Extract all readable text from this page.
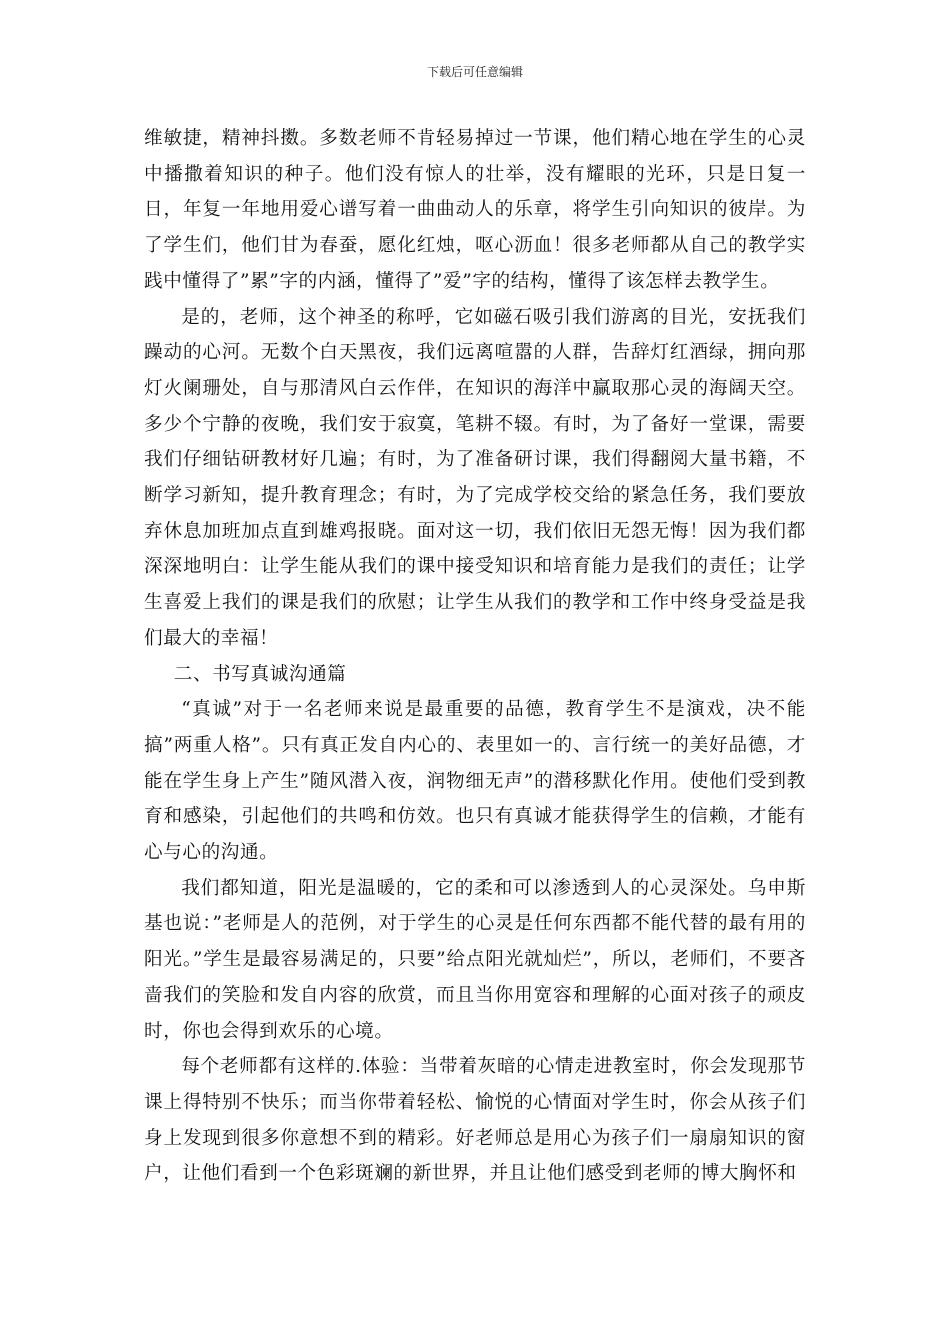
下载后可任意编辑

维敏捷，精神抖擞。多数老师不肯轻易掉过一节课，他们精心地在学生的心灵中播撒着知识的种子。他们没有惊人的壮举，没有耀眼的光环，只是日复一日，年复一年地用爱心谱写着一曲曲动人的乐章，将学生引向知识的彼岸。为了学生们，他们甘为春蚕，愿化红烛，呕心沥血！很多老师都从自己的教学实践中懂得了”累”字的内涵，懂得了”爱”字的结构，懂得了该怎样去教学生。

是的，老师，这个神圣的称呼，它如磁石吸引我们游离的目光，安抚我们躁动的心河。无数个白天黑夜，我们远离喧嚣的人群，告辞灯红酒绿，拥向那灯火阑珊处，自与那清风白云作伴，在知识的海洋中赢取那心灵的海阔天空。多少个宁静的夜晚，我们安于寂寞，笔耕不辍。有时，为了备好一堂课，需要我们仔细钻研教材好几遍；有时，为了准备研讨课，我们得翻阅大量书籍，不断学习新知，提升教育理念；有时，为了完成学校交给的紧急任务，我们要放弃休息加班加点直到雄鸡报晓。面对这一切，我们依旧无怨无悔！因为我们都深深地明白：让学生能从我们的课中接受知识和培育能力是我们的责任；让学生喜爱上我们的课是我们的欣慰；让学生从我们的教学和工作中终身受益是我们最大的幸福！

二、书写真诚沟通篇

“真诚”对于一名老师来说是最重要的品德，教育学生不是演戏，决不能搞”两重人格”。只有真正发自内心的、表里如一的、言行统一的美好品德，才能在学生身上产生”随风潜入夜，润物细无声”的潜移默化作用。使他们受到教育和感染，引起他们的共鸣和仿效。也只有真诚才能获得学生的信赖，才能有心与心的沟通。

我们都知道，阳光是温暖的，它的柔和可以渗透到人的心灵深处。乌申斯基也说：”老师是人的范例，对于学生的心灵是任何东西都不能代替的最有用的阳光。”学生是最容易满足的，只要”给点阳光就灿烂”，所以，老师们，不要吝啬我们的笑脸和发自内容的欣赏，而且当你用宽容和理解的心面对孩子的顽皮时，你也会得到欢乐的心境。

每个老师都有这样的.体验：当带着灰暗的心情走进教室时，你会发现那节课上得特别不快乐；而当你带着轻松、愉悦的心情面对学生时，你会从孩子们身上发现到很多你意想不到的精彩。好老师总是用心为孩子们一扇扇知识的窗户，让他们看到一个色彩斑斓的新世界，并且让他们感受到老师的博大胸怀和
